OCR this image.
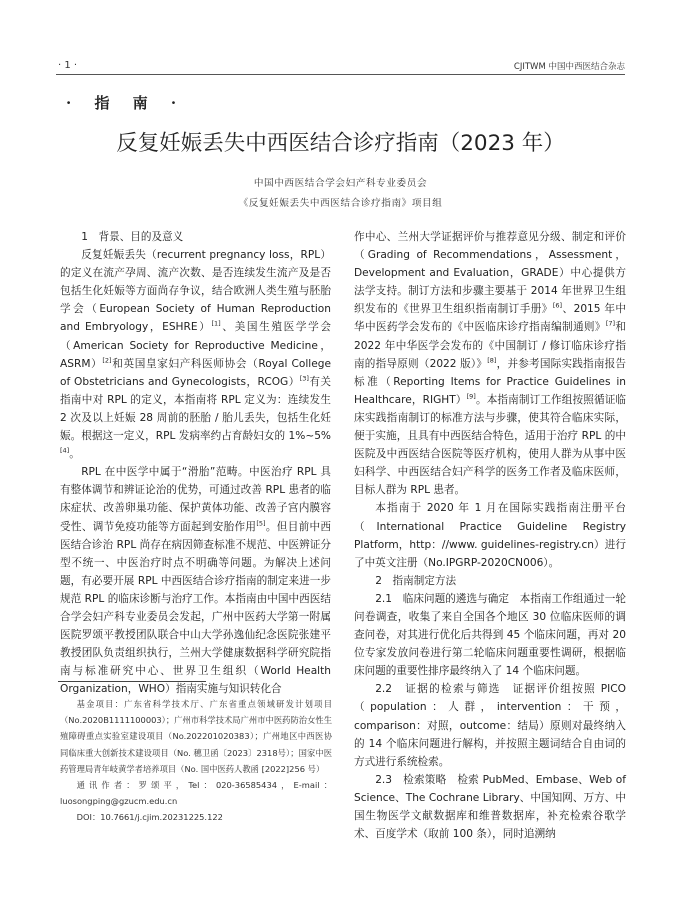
· 1 ·	CJITWM 中国中西医结合杂志
· 指 南 ·
反复妊娠丢失中西医结合诊疗指南（2023 年）
中国中西医结合学会妇产科专业委员会
《反复妊娠丢失中西医结合诊疗指南》项目组

1　背景、目的及意义

反复妊娠丢失（recurrent pregnancy loss，RPL）的定义在流产孕周、流产次数、是否连续发生流产及是否包括生化妊娠等方面尚存争议，结合欧洲人类生殖与胚胎学会（European Society of Human Reproduction and Embryology，ESHRE）[1]、美国生殖医学学会（American Society for Reproductive Medicine，ASRM）[2]和英国皇家妇产科医师协会（Royal College of Obstetricians and Gynecologists，RCOG）[3]有关指南中对 RPL 的定义，本指南将 RPL 定义为：连续发生 2 次及以上妊娠 28 周前的胚胎 / 胎儿丢失，包括生化妊娠。根据这一定义，RPL 发病率约占育龄妇女的 1%~5%[4]。

RPL 在中医学中属于“滑胎”范畴。中医治疗 RPL 具有整体调节和辨证论治的优势，可通过改善 RPL 患者的临床症状、改善卵巢功能、保护黄体功能、改善子宫内膜容受性、调节免疫功能等方面起到安胎作用[5]。但目前中西医结合诊治 RPL 尚存在病因筛查标准不规范、中医辨证分型不统一、中医治疗时点不明确等问题。为解决上述问题，有必要开展 RPL 中西医结合诊疗指南的制定来进一步规范 RPL 的临床诊断与治疗工作。本指南由中国中西医结合学会妇产科专业委员会发起，广州中医药大学第一附属医院罗颂平教授团队联合中山大学孙逸仙纪念医院张建平教授团队负责组织执行，兰州大学健康数据科学研究院指南与标准研究中心、世界卫生组织（World Health Organization，WHO）指南实施与知识转化合

作中心、兰州大学证据评价与推荐意见分级、制定和评价（Grading of Recommendations，Assessment，Development and Evaluation，GRADE）中心提供方法学支持。制订方法和步骤主要基于 2014 年世界卫生组织发布的《世界卫生组织指南制订手册》[6]、2015 年中华中医药学会发布的《中医临床诊疗指南编制通则》[7]和 2022 年中华医学会发布的《中国制订 / 修订临床诊疗指南的指导原则（2022 版）》[8]，并参考国际实践指南报告标准（Reporting Items for Practice Guidelines in Healthcare，RIGHT）[9]。本指南制订工作组按照循证临床实践指南制订的标准方法与步骤，使其符合临床实际，便于实施，且具有中西医结合特色，适用于治疗 RPL 的中医院及中西医结合医院等医疗机构，使用人群为从事中医妇科学、中西医结合妇产科学的医务工作者及临床医师，目标人群为 RPL 患者。

本指南于 2020 年 1 月在国际实践指南注册平台（International Practice Guideline Registry Platform，http：//www. guidelines-registry.cn）进行了中英文注册（No.IPGRP-2020CN006）。

2　指南制定方法

2.1　临床问题的遴选与确定　本指南工作组通过一轮问卷调查，收集了来自全国各个地区 30 位临床医师的调查问卷，对其进行优化后共得到 45 个临床问题，再对 20 位专家发放问卷进行第二轮临床问题重要性调研，根据临床问题的重要性排序最终纳入了 14 个临床问题。

2.2　证据的检索与筛选　证据评价组按照 PICO（population：人群，intervention：干预，comparison：对照，outcome：结局）原则对最终纳入的 14 个临床问题进行解构，并按照主题词结合自由词的方式进行系统检索。

2.3　检索策略　检索 PubMed、Embase、Web of Science、The Cochrane Library、中国知网、万方、中国生物医学文献数据库和维普数据库，补充检索谷歌学术、百度学术（取前 100 条），同时追溯纳

基金项目：广东省科学技术厅、广东省重点领域研发计划项目（No.2020B1111100003）；广州市科学技术局广州市中医药防治女性生殖障碍重点实验室建设项目（No.202201020383）；广州地区中西医协同临床重大创新技术建设项目（No. 穗卫函〔2023〕2318号）；国家中医药管理局青年岐黄学者培养项目（No. 国中医药人教函 [2022]256 号）

通讯作者：罗颂平，Tel：020-36585434，E-mail：luosongping@gzucm.edu.cn

DOI：10.7661/j.cjim.20231225.122
